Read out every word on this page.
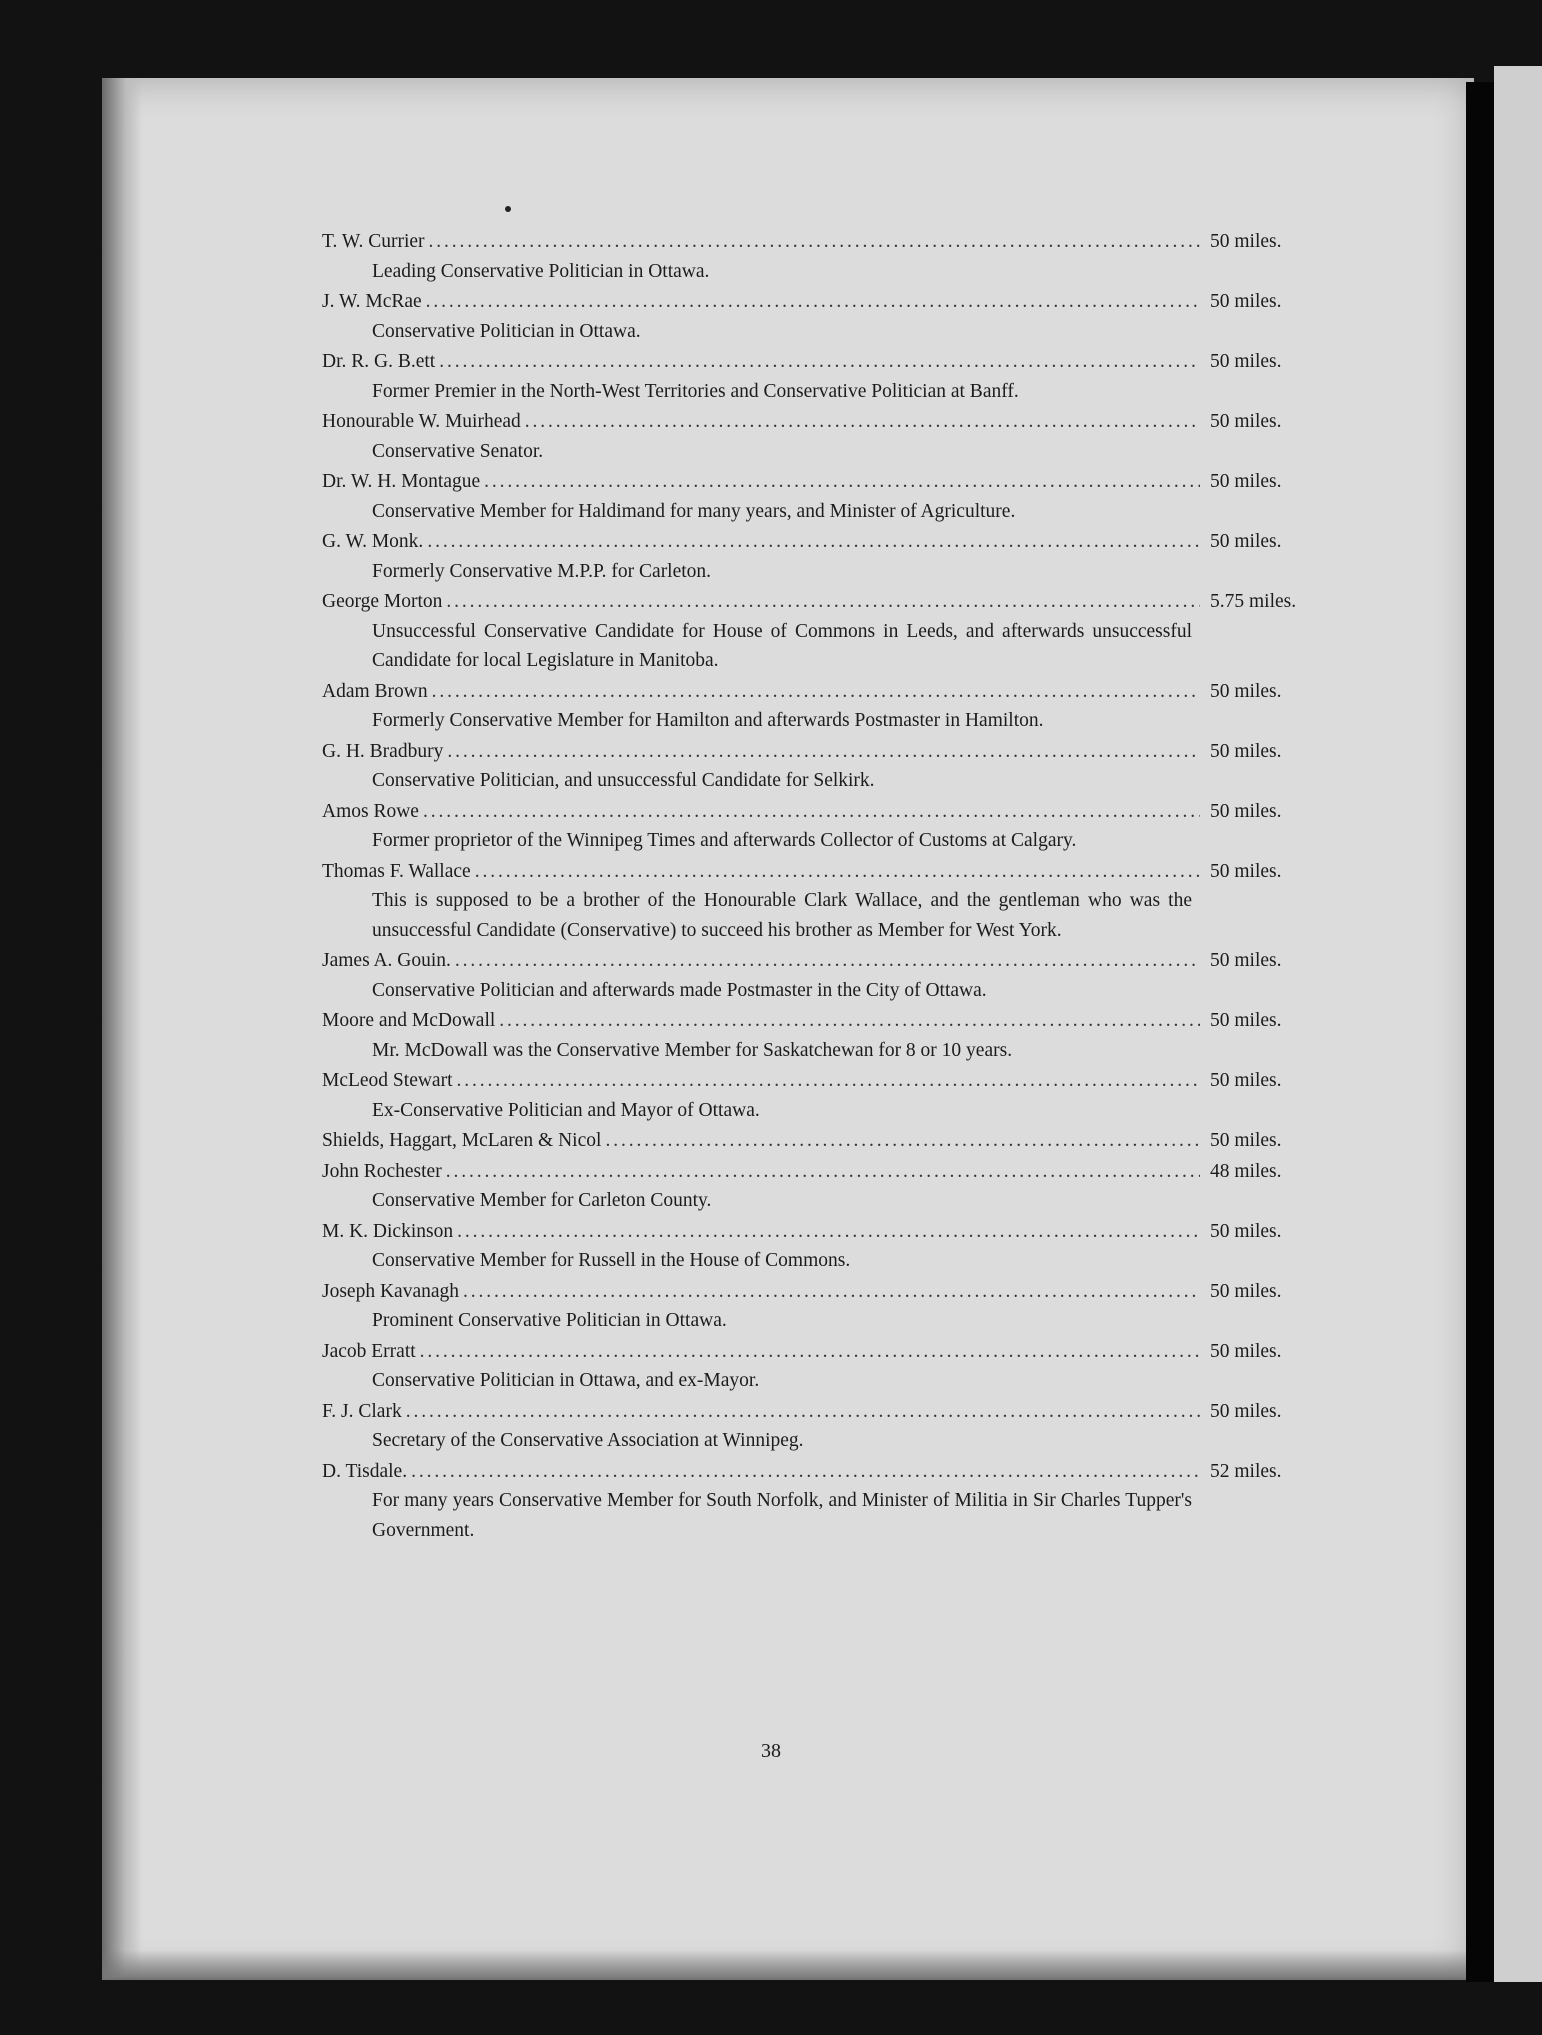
T. W. Currier . . .	50 miles.
Leading Conservative Politician in Ottawa.
J. W. McRae . . .	50 miles.
Conservative Politician in Ottawa.
Dr. R. G. B.ett . . .	50 miles.
Former Premier in the North-West Territories and Conservative Politician at Banff.
Honourable W. Muirhead . . .	50 miles.
Conservative Senator.
Dr. W. H. Montague . . .	50 miles.
Conservative Member for Haldimand for many years, and Minister of Agriculture.
G. W. Monk. . . .	50 miles.
Formerly Conservative M.P.P. for Carleton.
George Morton . . .	5.75 miles.
Unsuccessful Conservative Candidate for House of Commons in Leeds, and afterwards unsuccessful Candidate for local Legislature in Manitoba.
Adam Brown . . .	50 miles.
Formerly Conservative Member for Hamilton and afterwards Postmaster in Hamilton.
G. H. Bradbury . . .	50 miles.
Conservative Politician, and unsuccessful Candidate for Selkirk.
Amos Rowe . . .	50 miles.
Former proprietor of the Winnipeg Times and afterwards Collector of Customs at Calgary.
Thomas F. Wallace . . .	50 miles.
This is supposed to be a brother of the Honourable Clark Wallace, and the gentleman who was the unsuccessful Candidate (Conservative) to succeed his brother as Member for West York.
James A. Gouin. . . .	50 miles.
Conservative Politician and afterwards made Postmaster in the City of Ottawa.
Moore and McDowall . . .	50 miles.
Mr. McDowall was the Conservative Member for Saskatchewan for 8 or 10 years.
McLeod Stewart . . .	50 miles.
Ex-Conservative Politician and Mayor of Ottawa.
Shields, Haggart, McLaren & Nicol . . .	50 miles.
John Rochester . . .	48 miles.
Conservative Member for Carleton County.
M. K. Dickinson . . .	50 miles.
Conservative Member for Russell in the House of Commons.
Joseph Kavanagh . . .	50 miles.
Prominent Conservative Politician in Ottawa.
Jacob Erratt . . .	50 miles.
Conservative Politician in Ottawa, and ex-Mayor.
F. J. Clark . . .	50 miles.
Secretary of the Conservative Association at Winnipeg.
D. Tisdale. . . .	52 miles.
For many years Conservative Member for South Norfolk, and Minister of Militia in Sir Charles Tupper's Government.
38
